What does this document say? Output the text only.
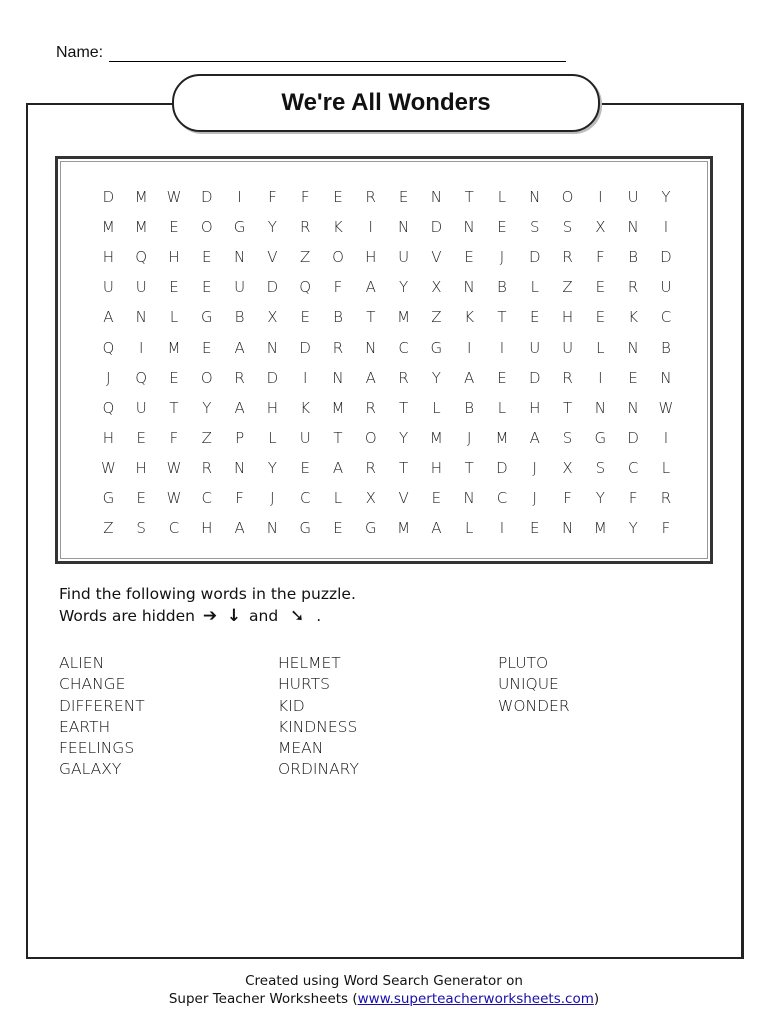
Name:
We're All Wonders
D	M	W	D	I	F	F	E	R	E	N	T	L	N	O	I	U	Y
M	M	E	O	G	Y	R	K	I	N	D	N	E	S	S	X	N	I
H	Q	H	E	N	V	Z	O	H	U	V	E	J	D	R	F	B	D
U	U	E	E	U	D	Q	F	A	Y	X	N	B	L	Z	E	R	U
A	N	L	G	B	X	E	B	T	M	Z	K	T	E	H	E	K	C
Q	I	M	E	A	N	D	R	N	C	G	I	I	U	U	L	N	B
J	Q	E	O	R	D	I	N	A	R	Y	A	E	D	R	I	E	N
Q	U	T	Y	A	H	K	M	R	T	L	B	L	H	T	N	N	W
H	E	F	Z	P	L	U	T	O	Y	M	J	M	A	S	G	D	I
W	H	W	R	N	Y	E	A	R	T	H	T	D	J	X	S	C	L
G	E	W	C	F	J	C	L	X	V	E	N	C	J	F	Y	F	R
Z	S	C	H	A	N	G	E	G	M	A	L	I	E	N	M	Y	F
Find the following words in the puzzle.
Words are hidden ➔ ↓ and ➘ .
ALIEN
CHANGE
DIFFERENT
EARTH
FEELINGS
GALAXY
HELMET
HURTS
KID
KINDNESS
MEAN
ORDINARY
PLUTO
UNIQUE
WONDER
Created using Word Search Generator on
Super Teacher Worksheets (www.superteacherworksheets.com)
